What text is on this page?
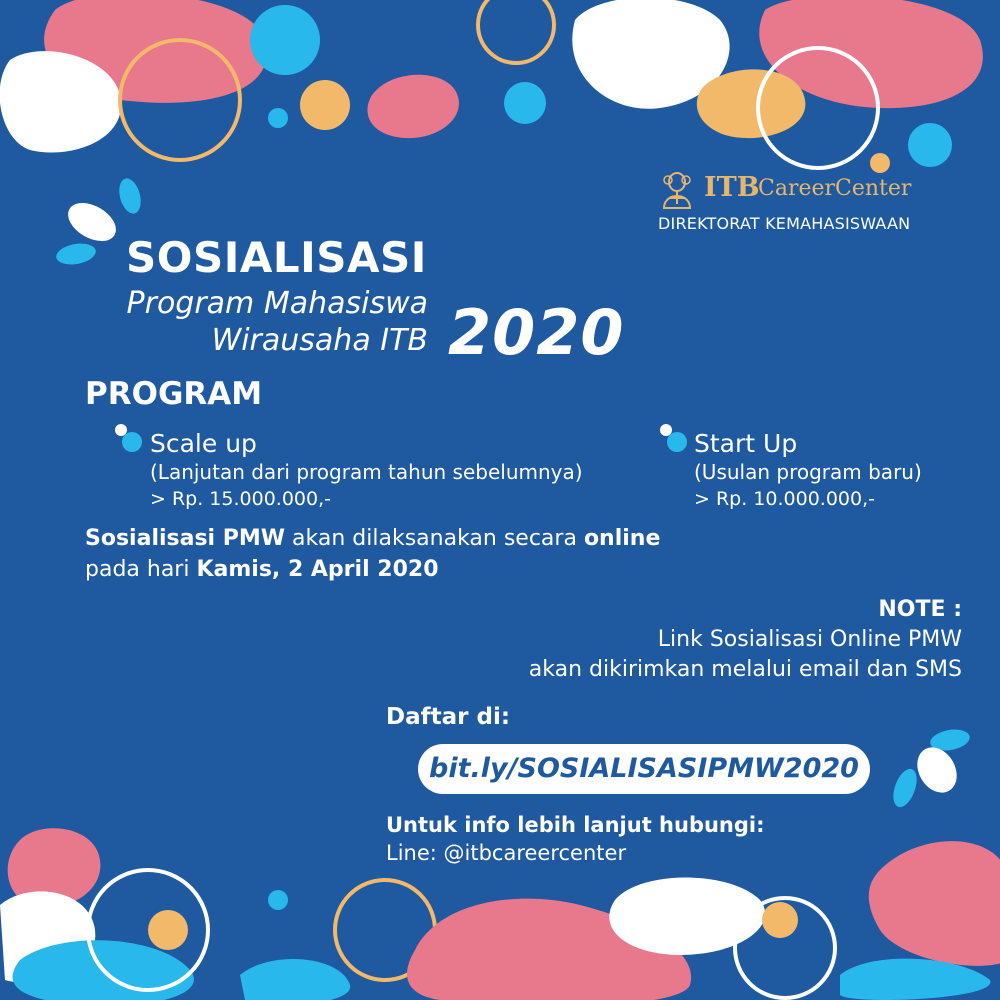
ITB
CareerCenter
DIREKTORAT KEMAHASISWAAN
SOSIALISASI
Program Mahasiswa
Wirausaha ITB 2020
PROGRAM
Scale up
(Lanjutan dari program tahun sebelumnya)
> Rp. 15.000.000,-
Start Up
(Usulan program baru)
> Rp. 10.000.000,-
Sosialisasi PMW akan dilaksanakan secara online
pada hari Kamis, 2 April 2020
NOTE :
Link Sosialisasi Online PMW
akan dikirimkan melalui email dan SMS
Daftar di:
bit.ly/SOSIALISASIPMW2020
Untuk info lebih lanjut hubungi:
Line: @itbcareercenter
